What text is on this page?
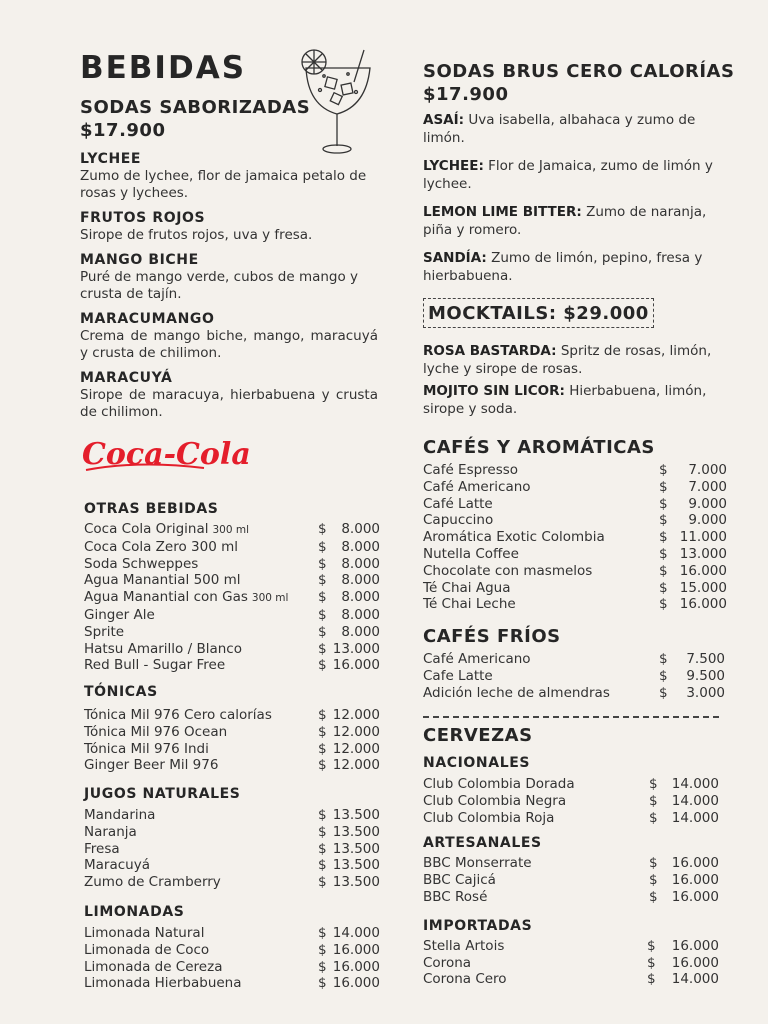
BEBIDAS
SODAS SABORIZADAS
$17.900
LYCHEE
Zumo de lychee, flor de jamaica petalo de rosas y lychees.
FRUTOS ROJOS
Sirope de frutos rojos, uva y fresa.
MANGO BICHE
Puré de mango verde, cubos de mango y crusta de tajín.
MARACUMANGO
Crema de mango biche, mango, maracuyá y crusta de chilimon.
MARACUYÁ
Sirope de maracuya, hierbabuena y crusta de chilimon.
Coca-Cola
OTRAS BEBIDAS
Coca Cola Original 300 ml	$ 8.000
Coca Cola Zero 300 ml	$ 8.000
Soda Schweppes	$ 8.000
Agua Manantial 500 ml	$ 8.000
Agua Manantial con Gas 300 ml	$ 8.000
Ginger Ale	$ 8.000
Sprite	$ 8.000
Hatsu Amarillo / Blanco	$ 13.000
Red Bull - Sugar Free	$ 16.000
TÓNICAS
Tónica Mil 976 Cero calorías	$ 12.000
Tónica Mil 976 Ocean	$ 12.000
Tónica Mil 976 Indi	$ 12.000
Ginger Beer Mil 976	$ 12.000
JUGOS NATURALES
Mandarina	$ 13.500
Naranja	$ 13.500
Fresa	$ 13.500
Maracuyá	$ 13.500
Zumo de Cramberry	$ 13.500
LIMONADAS
Limonada Natural	$ 14.000
Limonada de Coco	$ 16.000
Limonada de Cereza	$ 16.000
Limonada Hierbabuena	$ 16.000
SODAS BRUS CERO CALORÍAS
$17.900
ASAÍ: Uva isabella, albahaca y zumo de limón.
LYCHEE: Flor de Jamaica, zumo de limón y lychee.
LEMON LIME BITTER: Zumo de naranja, piña y romero.
SANDÍA: Zumo de limón, pepino, fresa y hierbabuena.
MOCKTAILS: $29.000
ROSA BASTARDA: Spritz de rosas, limón, lyche y sirope de rosas.
MOJITO SIN LICOR: Hierbabuena, limón, sirope y soda.
CAFÉS Y AROMÁTICAS
Café Espresso	$ 7.000
Café Americano	$ 7.000
Café Latte	$ 9.000
Capuccino	$ 9.000
Aromática Exotic Colombia	$ 11.000
Nutella Coffee	$ 13.000
Chocolate con masmelos	$ 16.000
Té Chai Agua	$ 15.000
Té Chai Leche	$ 16.000
CAFÉS FRÍOS
Café Americano	$ 7.500
Cafe Latte	$ 9.500
Adición leche de almendras	$ 3.000
CERVEZAS
NACIONALES
Club Colombia Dorada	$ 14.000
Club Colombia Negra	$ 14.000
Club Colombia Roja	$ 14.000
ARTESANALES
BBC Monserrate	$ 16.000
BBC Cajicá	$ 16.000
BBC Rosé	$ 16.000
IMPORTADAS
Stella Artois	$ 16.000
Corona	$ 16.000
Corona Cero	$ 14.000
